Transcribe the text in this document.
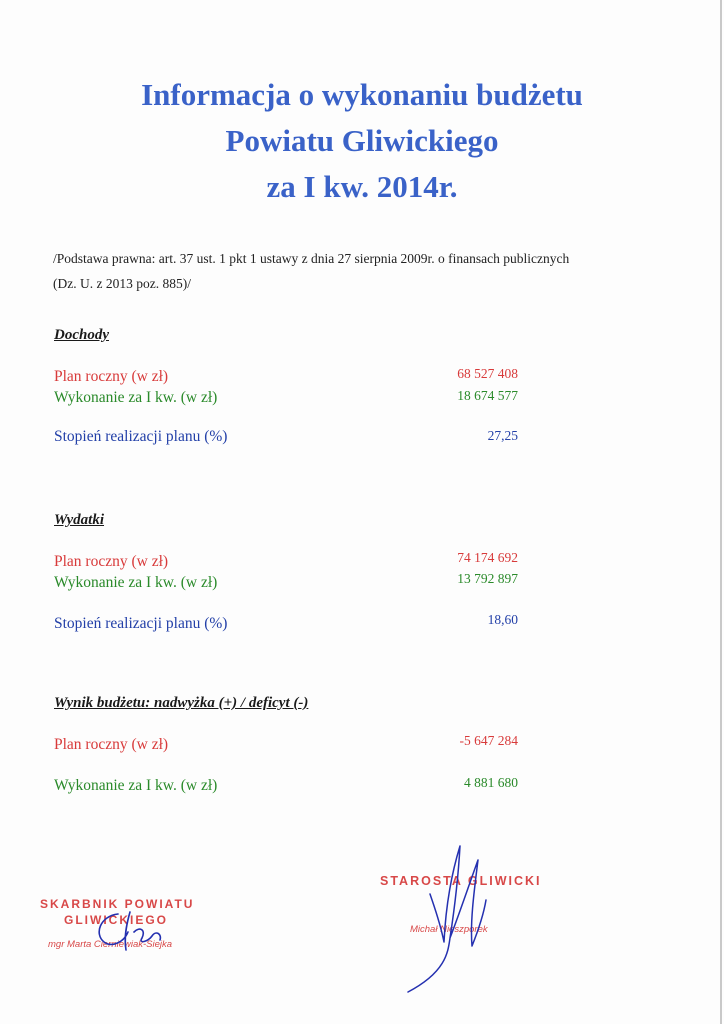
Informacja o wykonaniu budżetu
Powiatu Gliwickiego
za I kw. 2014r.
/Podstawa prawna: art. 37 ust. 1 pkt 1 ustawy z dnia 27 sierpnia 2009r. o finansach publicznych
(Dz. U. z 2013 poz. 885)/
Dochody
Plan roczny (w zł)	68 527 408
Wykonanie za I kw. (w zł)	18 674 577
Stopień realizacji planu (%)	27,25
Wydatki
Plan roczny (w zł)	74 174 692
Wykonanie za I kw. (w zł)	13 792 897
Stopień realizacji planu (%)	18,60
Wynik budżetu: nadwyżka (+) / deficyt (-)
Plan roczny (w zł)	-5 647 284
Wykonanie za I kw. (w zł)	4 881 680
SKARBNIK POWIATU
GLIWICKIEGO
mgr Marta Cierniewiak-Siejka
STAROSTA GLIWICKI
Michał Nieszporek
